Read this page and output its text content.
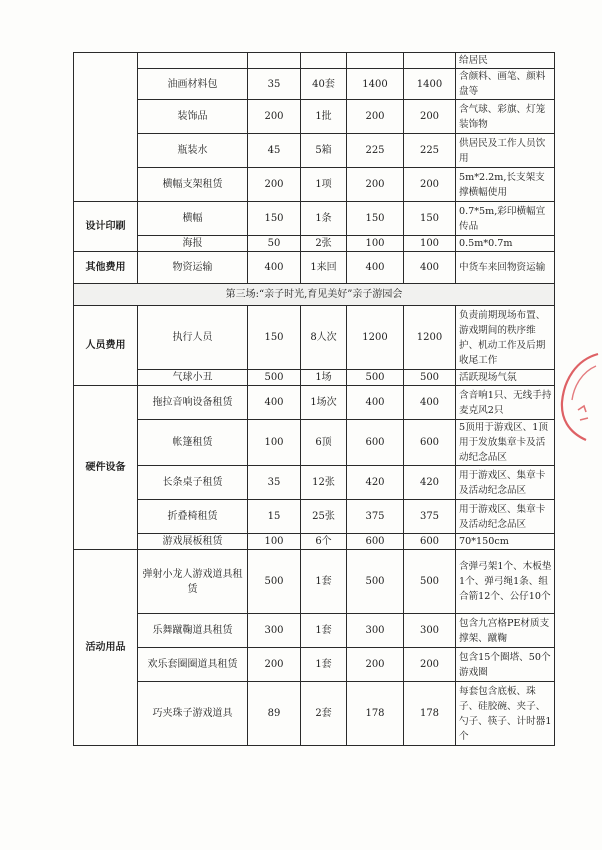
						给居民
	油画材料包	35	40套	1400	1400	含颜料、画笔、颜料盘等
	装饰品	200	1批	200	200	含气球、彩旗、灯笼装饰物
	瓶装水	45	5箱	225	225	供居民及工作人员饮用
	横幅支架租赁	200	1项	200	200	5m*2.2m,长支架支撑横幅使用
设计印刷	横幅	150	1条	150	150	0.7*5m,彩印横幅宣传品
	海报	50	2张	100	100	0.5m*0.7m
其他费用	物资运输	400	1来回	400	400	中货车来回物资运输
第三场:“亲子时光,育见美好”亲子游园会						
人员费用	执行人员	150	8人次	1200	1200	负责前期现场布置、游戏期间的秩序维护、机动工作及后期收尾工作
	气球小丑	500	1场	500	500	活跃现场气氛
硬件设备	拖拉音响设备租赁	400	1场次	400	400	含音响1只、无线手持麦克风2只
	帐篷租赁	100	6顶	600	600	5顶用于游戏区、1顶用于发放集章卡及活动纪念品区
	长条桌子租赁	35	12张	420	420	用于游戏区、集章卡及活动纪念品区
	折叠椅租赁	15	25张	375	375	用于游戏区、集章卡及活动纪念品区
	游戏展板租赁	100	6个	600	600	70*150cm
活动用品	弹射小龙人游戏道具租赁	500	1套	500	500	含弹弓架1个、木板垫1个、弹弓绳1条、组合箭12个、公仔10个
	乐舞蹴鞠道具租赁	300	1套	300	300	包含九宫格PE材质支撑架、蹴鞠
	欢乐套圈圈道具租赁	200	1套	200	200	包含15个圈塔、50个游戏圈
	巧夹珠子游戏道具	89	2套	178	178	每套包含底板、珠子、硅胶碗、夹子、勺子、筷子、计时器1个
